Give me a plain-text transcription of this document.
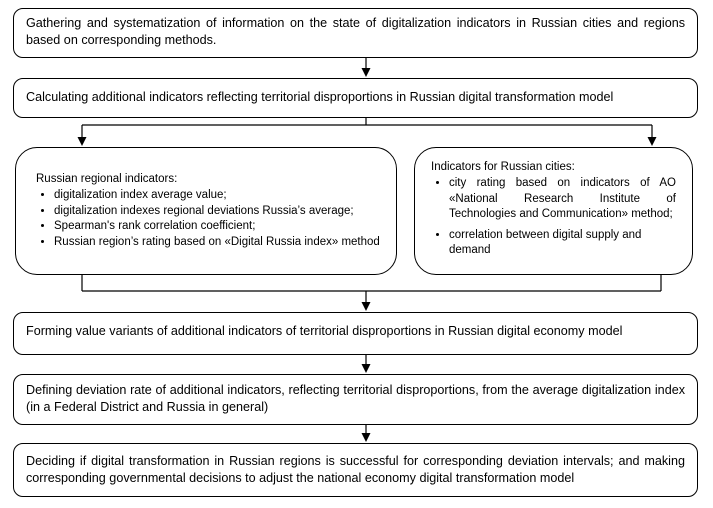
Gathering and systematization of information on the state of digitalization indicators in Russian cities and regions based on corresponding methods.
Calculating additional indicators reflecting territorial disproportions in Russian digital transformation model
Russian regional indicators:
• digitalization index average value;
• digitalization indexes regional deviations Russia’s average;
• Spearman's rank correlation coefficient;
• Russian region’s rating based on «Digital Russia index» method
Indicators for Russian cities:
• city rating based on indicators of AO «National Research Institute of Technologies and Communication» method;
• correlation between digital supply and demand
Forming value variants of additional indicators of territorial disproportions in Russian digital economy model
Defining deviation rate of additional indicators, reflecting territorial disproportions, from the average digitalization index (in a Federal District and Russia in general)
Deciding if digital transformation in Russian regions is successful for corresponding deviation intervals; and making corresponding governmental decisions to adjust the national economy digital transformation model
